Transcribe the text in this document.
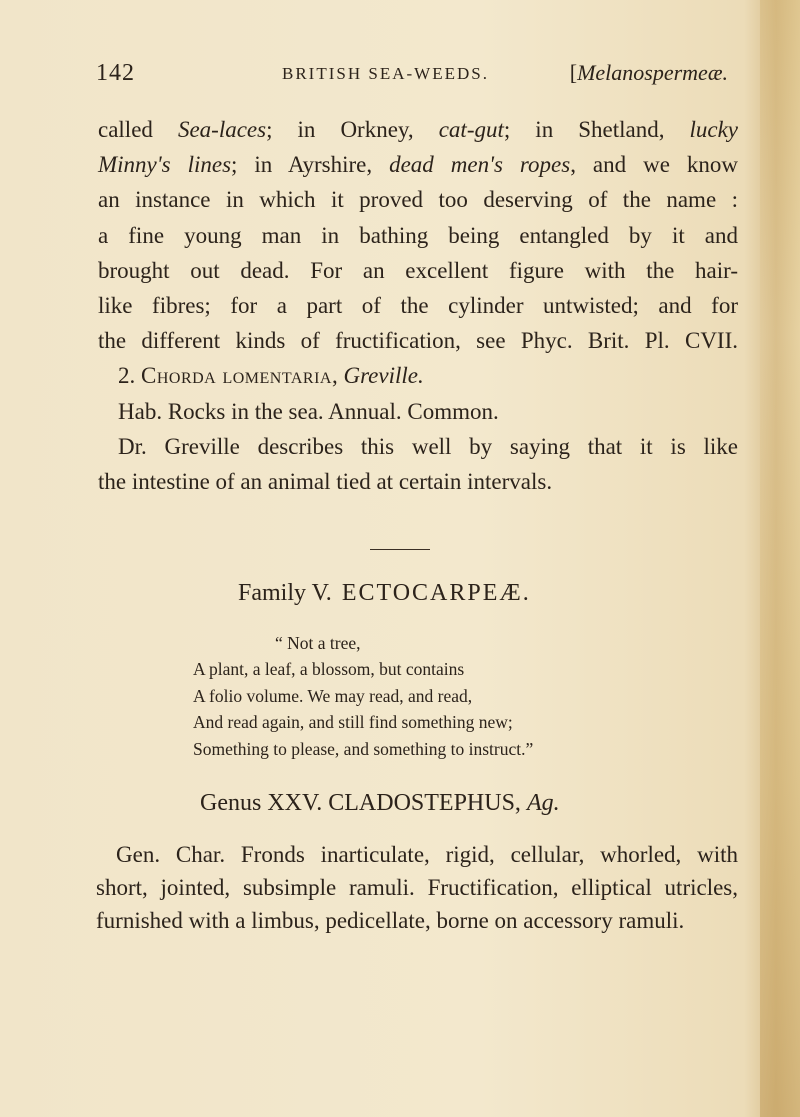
142	BRITISH SEA-WEEDS.	[Melanospermeæ.
called Sea-laces; in Orkney, cat-gut; in Shetland, lucky
Minny's lines; in Ayrshire, dead men's ropes, and we know
an instance in which it proved too deserving of the name :
a fine young man in bathing being entangled by it and
brought out dead. For an excellent figure with the hair-
like fibres; for a part of the cylinder untwisted; and for
the different kinds of fructification, see Phyc. Brit. Pl. CVII.
2. Chorda lomentaria, Greville.
Hab. Rocks in the sea. Annual. Common.
Dr. Greville describes this well by saying that it is like
the intestine of an animal tied at certain intervals.
Family V. ECTOCARPEÆ.
“ Not a tree,
A plant, a leaf, a blossom, but contains
A folio volume. We may read, and read,
And read again, and still find something new;
Something to please, and something to instruct.”
Genus XXV. CLADOSTEPHUS, Ag.
Gen. Char. Fronds inarticulate, rigid, cellular, whorled, with
short, jointed, subsimple ramuli. Fructification, elliptical utricles,
furnished with a limbus, pedicellate, borne on accessory ramuli.
